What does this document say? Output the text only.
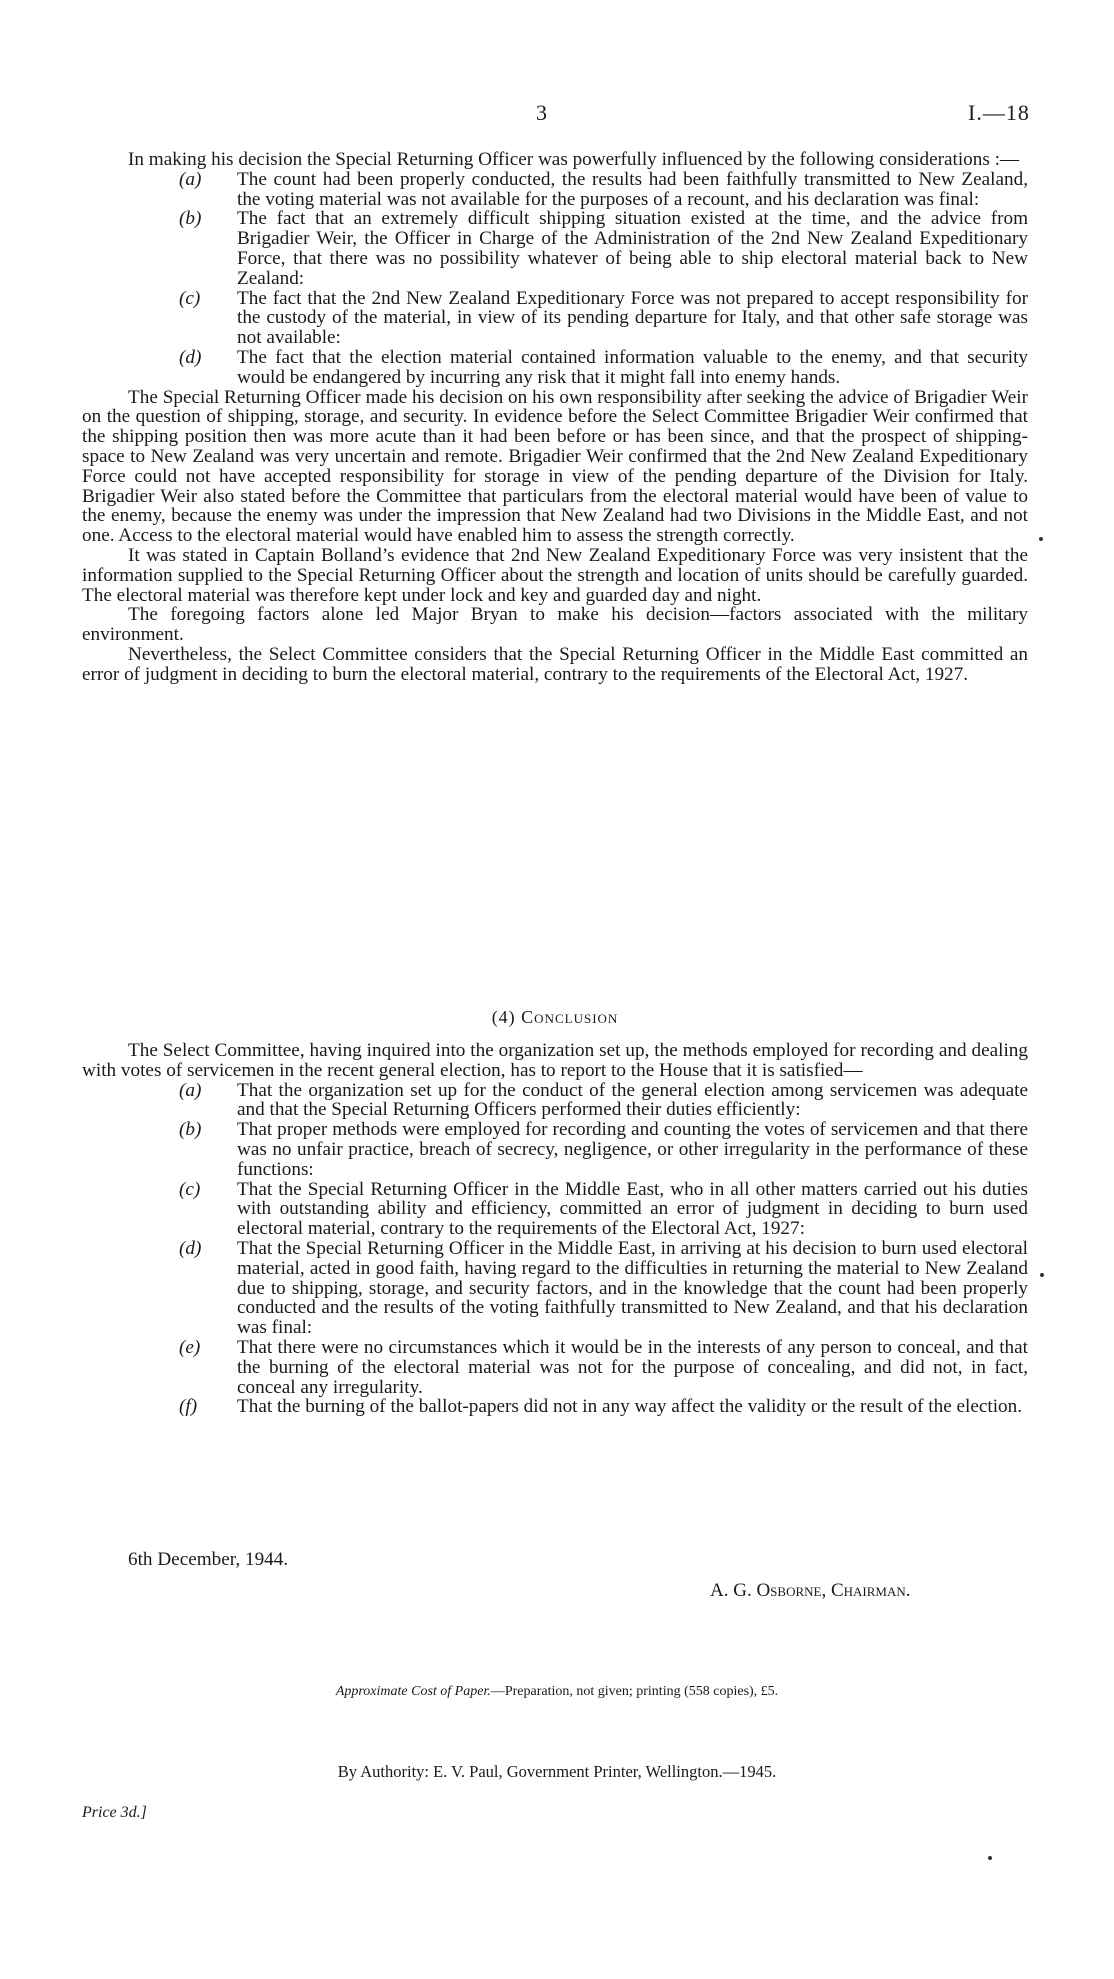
3	I.—18

In making his decision the Special Returning Officer was powerfully influenced by the following considerations :—

(a) The count had been properly conducted, the results had been faithfully transmitted to New Zealand, the voting material was not available for the purposes of a recount, and his declaration was final:
(b) The fact that an extremely difficult shipping situation existed at the time, and the advice from Brigadier Weir, the Officer in Charge of the Administration of the 2nd New Zealand Expeditionary Force, that there was no possibility whatever of being able to ship electoral material back to New Zealand:
(c) The fact that the 2nd New Zealand Expeditionary Force was not prepared to accept responsibility for the custody of the material, in view of its pending departure for Italy, and that other safe storage was not available:
(d) The fact that the election material contained information valuable to the enemy, and that security would be endangered by incurring any risk that it might fall into enemy hands.

The Special Returning Officer made his decision on his own responsibility after seeking the advice of Brigadier Weir on the question of shipping, storage, and security. In evidence before the Select Committee Brigadier Weir confirmed that the shipping position then was more acute than it had been before or has been since, and that the prospect of shipping-space to New Zealand was very uncertain and remote. Brigadier Weir confirmed that the 2nd New Zealand Expeditionary Force could not have accepted responsibility for storage in view of the pending departure of the Division for Italy. Brigadier Weir also stated before the Committee that particulars from the electoral material would have been of value to the enemy, because the enemy was under the impression that New Zealand had two Divisions in the Middle East, and not one. Access to the electoral material would have enabled him to assess the strength correctly.

It was stated in Captain Bolland’s evidence that 2nd New Zealand Expeditionary Force was very insistent that the information supplied to the Special Returning Officer about the strength and location of units should be carefully guarded. The electoral material was therefore kept under lock and key and guarded day and night.

The foregoing factors alone led Major Bryan to make his decision—factors associated with the military environment.

Nevertheless, the Select Committee considers that the Special Returning Officer in the Middle East committed an error of judgment in deciding to burn the electoral material, contrary to the requirements of the Electoral Act, 1927.

(4) Conclusion

The Select Committee, having inquired into the organization set up, the methods employed for recording and dealing with votes of servicemen in the recent general election, has to report to the House that it is satisfied—

(a) That the organization set up for the conduct of the general election among servicemen was adequate and that the Special Returning Officers performed their duties efficiently:
(b) That proper methods were employed for recording and counting the votes of servicemen and that there was no unfair practice, breach of secrecy, negligence, or other irregularity in the performance of these functions:
(c) That the Special Returning Officer in the Middle East, who in all other matters carried out his duties with outstanding ability and efficiency, committed an error of judgment in deciding to burn used electoral material, contrary to the requirements of the Electoral Act, 1927:
(d) That the Special Returning Officer in the Middle East, in arriving at his decision to burn used electoral material, acted in good faith, having regard to the difficulties in returning the material to New Zealand due to shipping, storage, and security factors, and in the knowledge that the count had been properly conducted and the results of the voting faithfully transmitted to New Zealand, and that his declaration was final:
(e) That there were no circumstances which it would be in the interests of any person to conceal, and that the burning of the electoral material was not for the purpose of concealing, and did not, in fact, conceal any irregularity.
(f) That the burning of the ballot-papers did not in any way affect the validity or the result of the election.
6th December, 1944.
A. G. Osborne, Chairman.
Approximate Cost of Paper.—Preparation, not given; printing (558 copies), £5.
By Authority: E. V. Paul, Government Printer, Wellington.—1945.
Price 3d.]
